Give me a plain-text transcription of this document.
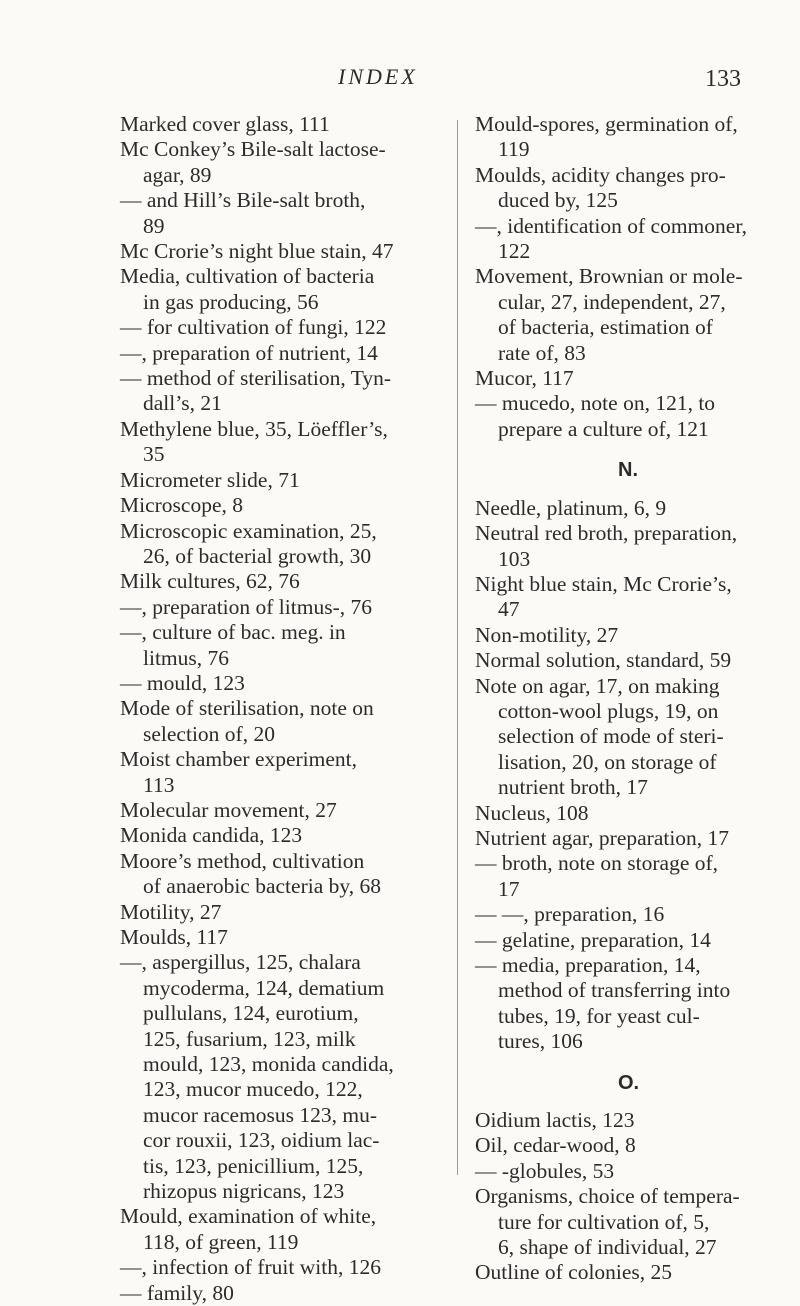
INDEX	133
Marked cover glass, 111
Mc Conkey’s Bile-salt lactose-
agar, 89
— and Hill’s Bile-salt broth,
89
Mc Crorie’s night blue stain, 47
Media, cultivation of bacteria
in gas producing, 56
— for cultivation of fungi, 122
—, preparation of nutrient, 14
— method of sterilisation, Tyn-
dall’s, 21
Methylene blue, 35, Löeffler’s,
35
Micrometer slide, 71
Microscope, 8
Microscopic examination, 25,
26, of bacterial growth, 30
Milk cultures, 62, 76
—, preparation of litmus-, 76
—, culture of bac. meg. in
litmus, 76
— mould, 123
Mode of sterilisation, note on
selection of, 20
Moist chamber experiment,
113
Molecular movement, 27
Monida candida, 123
Moore’s method, cultivation
of anaerobic bacteria by, 68
Motility, 27
Moulds, 117
—, aspergillus, 125, chalara
mycoderma, 124, dematium
pullulans, 124, eurotium,
125, fusarium, 123, milk
mould, 123, monida candida,
123, mucor mucedo, 122,
mucor racemosus 123, mu-
cor rouxii, 123, oidium lac-
tis, 123, penicillium, 125,
rhizopus nigricans, 123
Mould, examination of white,
118, of green, 119
—, infection of fruit with, 126
— family, 80
Mould-spores, germination of,
119
Moulds, acidity changes pro-
duced by, 125
—, identification of commoner,
122
Movement, Brownian or mole-
cular, 27, independent, 27,
of bacteria, estimation of
rate of, 83
Mucor, 117
— mucedo, note on, 121, to
prepare a culture of, 121
N.
Needle, platinum, 6, 9
Neutral red broth, preparation,
103
Night blue stain, Mc Crorie’s,
47
Non-motility, 27
Normal solution, standard, 59
Note on agar, 17, on making
cotton-wool plugs, 19, on
selection of mode of steri-
lisation, 20, on storage of
nutrient broth, 17
Nucleus, 108
Nutrient agar, preparation, 17
— broth, note on storage of,
17
— —, preparation, 16
— gelatine, preparation, 14
— media, preparation, 14,
method of transferring into
tubes, 19, for yeast cul-
tures, 106
O.
Oidium lactis, 123
Oil, cedar-wood, 8
— -globules, 53
Organisms, choice of tempera-
ture for cultivation of, 5,
6, shape of individual, 27
Outline of colonies, 25
